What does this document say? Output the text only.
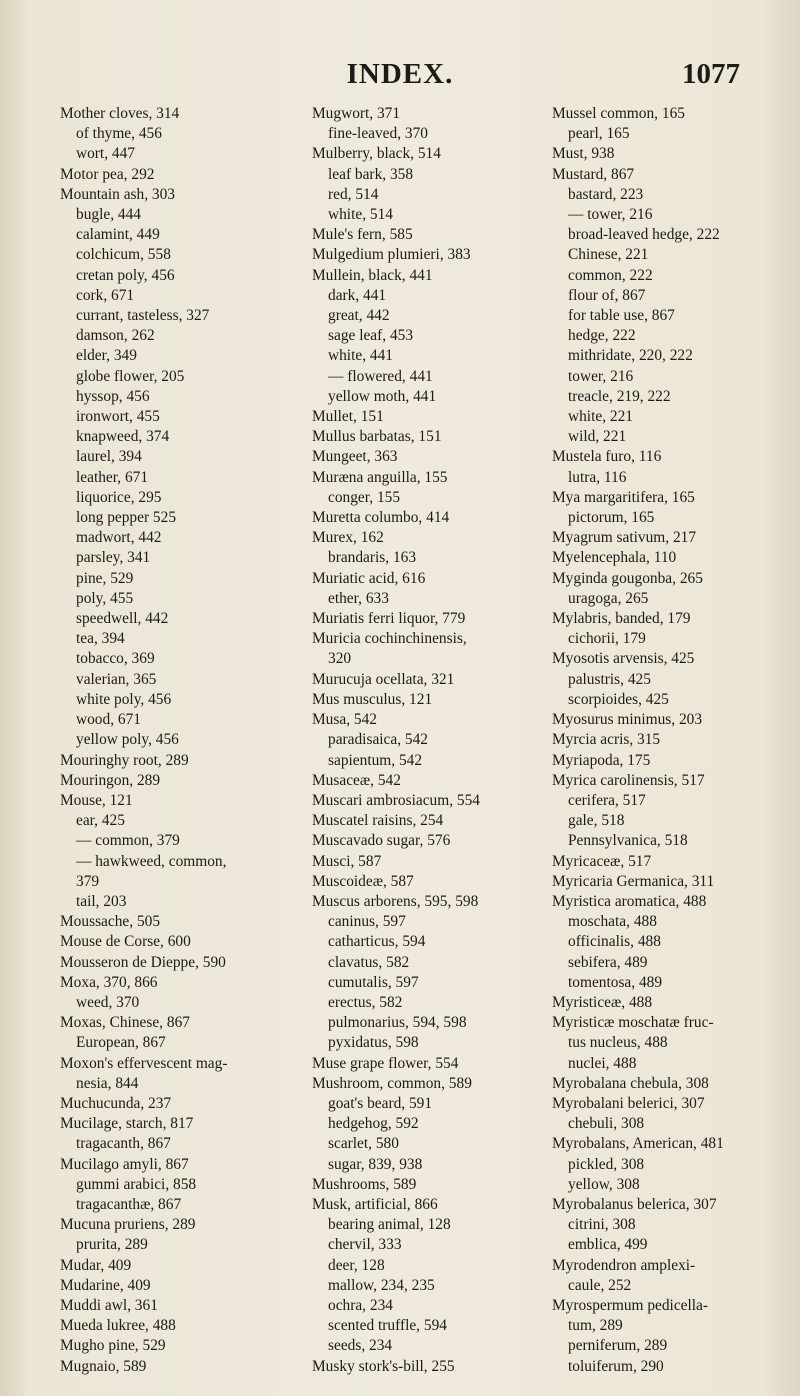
INDEX.	1077
Mother cloves, 314
of thyme, 456
wort, 447
Motor pea, 292
Mountain ash, 303
bugle, 444
calamint, 449
colchicum, 558
cretan poly, 456
cork, 671
currant, tasteless, 327
damson, 262
elder, 349
globe flower, 205
hyssop, 456
ironwort, 455
knapweed, 374
laurel, 394
leather, 671
liquorice, 295
long pepper 525
madwort, 442
parsley, 341
pine, 529
poly, 455
speedwell, 442
tea, 394
tobacco, 369
valerian, 365
white poly, 456
wood, 671
yellow poly, 456
Mouringhy root, 289
Mouringon, 289
Mouse, 121
ear, 425
— common, 379
— hawkweed, common,
379
tail, 203
Moussache, 505
Mouse de Corse, 600
Mousseron de Dieppe, 590
Moxa, 370, 866
weed, 370
Moxas, Chinese, 867
European, 867
Moxon's effervescent mag-
nesia, 844
Muchucunda, 237
Mucilage, starch, 817
tragacanth, 867
Mucilago amyli, 867
gummi arabici, 858
tragacanthæ, 867
Mucuna pruriens, 289
prurita, 289
Mudar, 409
Mudarine, 409
Muddi awl, 361
Mueda lukree, 488
Mugho pine, 529
Mugnaio, 589
Mugwort, 371
fine-leaved, 370
Mulberry, black, 514
leaf bark, 358
red, 514
white, 514
Mule's fern, 585
Mulgedium plumieri, 383
Mullein, black, 441
dark, 441
great, 442
sage leaf, 453
white, 441
— flowered, 441
yellow moth, 441
Mullet, 151
Mullus barbatas, 151
Mungeet, 363
Muræna anguilla, 155
conger, 155
Muretta columbo, 414
Murex, 162
brandaris, 163
Muriatic acid, 616
ether, 633
Muriatis ferri liquor, 779
Muricia cochinchinensis,
320
Murucuja ocellata, 321
Mus musculus, 121
Musa, 542
paradisaica, 542
sapientum, 542
Musaceæ, 542
Muscari ambrosiacum, 554
Muscatel raisins, 254
Muscavado sugar, 576
Musci, 587
Muscoideæ, 587
Muscus arborens, 595, 598
caninus, 597
catharticus, 594
clavatus, 582
cumutalis, 597
erectus, 582
pulmonarius, 594, 598
pyxidatus, 598
Muse grape flower, 554
Mushroom, common, 589
goat's beard, 591
hedgehog, 592
scarlet, 580
sugar, 839, 938
Mushrooms, 589
Musk, artificial, 866
bearing animal, 128
chervil, 333
deer, 128
mallow, 234, 235
ochra, 234
scented truffle, 594
seeds, 234
Musky stork's-bill, 255
Mussel common, 165
pearl, 165
Must, 938
Mustard, 867
bastard, 223
— tower, 216
broad-leaved hedge, 222
Chinese, 221
common, 222
flour of, 867
for table use, 867
hedge, 222
mithridate, 220, 222
tower, 216
treacle, 219, 222
white, 221
wild, 221
Mustela furo, 116
lutra, 116
Mya margaritifera, 165
pictorum, 165
Myagrum sativum, 217
Myelencephala, 110
Myginda gougonba, 265
uragoga, 265
Mylabris, banded, 179
cichorii, 179
Myosotis arvensis, 425
palustris, 425
scorpioides, 425
Myosurus minimus, 203
Myrcia acris, 315
Myriapoda, 175
Myrica carolinensis, 517
cerifera, 517
gale, 518
Pennsylvanica, 518
Myricaceæ, 517
Myricaria Germanica, 311
Myristica aromatica, 488
moschata, 488
officinalis, 488
sebifera, 489
tomentosa, 489
Myristiceæ, 488
Myristicæ moschatæ fruc-
tus nucleus, 488
nuclei, 488
Myrobalana chebula, 308
Myrobalani belerici, 307
chebuli, 308
Myrobalans, American, 481
pickled, 308
yellow, 308
Myrobalanus belerica, 307
citrini, 308
emblica, 499
Myrodendron amplexi-
caule, 252
Myrospermum pedicella-
tum, 289
perniferum, 289
toluiferum, 290
